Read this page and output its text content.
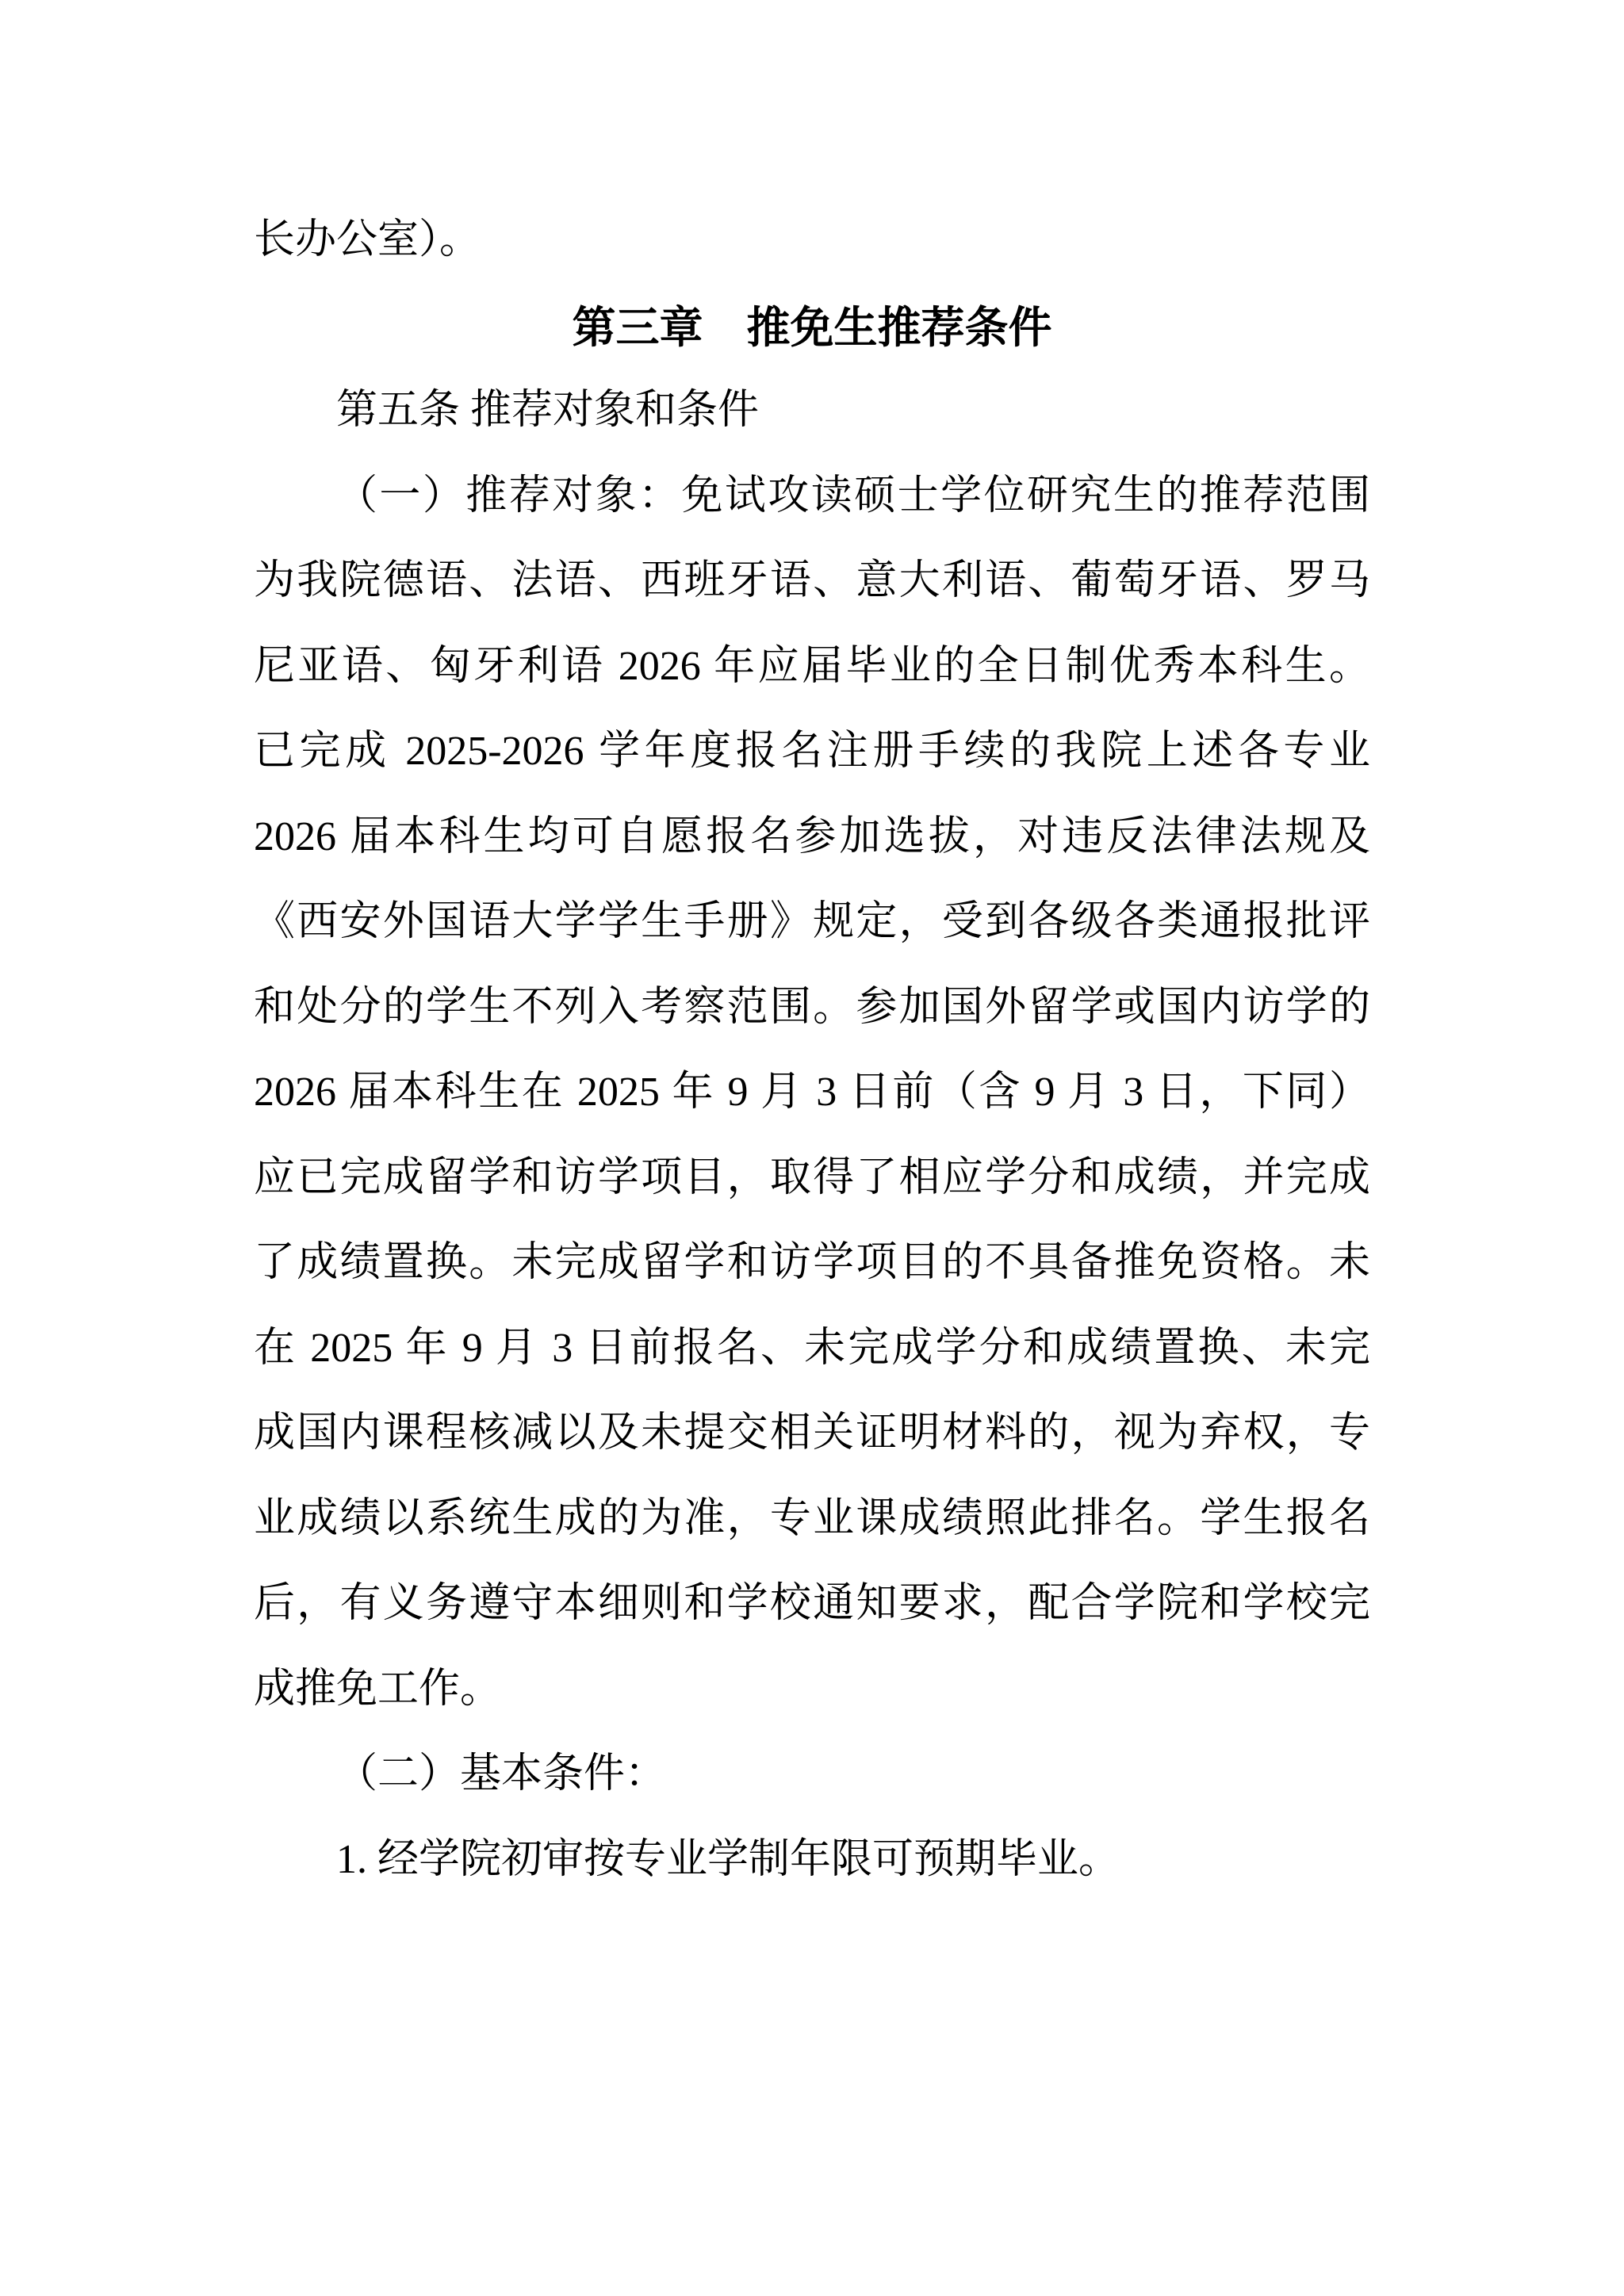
长办公室）。
第三章　推免生推荐条件
第五条 推荐对象和条件
（一）推荐对象：免试攻读硕士学位研究生的推荐范围
为我院德语、法语、西班牙语、意大利语、葡萄牙语、罗马
尼亚语、匈牙利语 2026 年应届毕业的全日制优秀本科生。
已完成 2025-2026 学年度报名注册手续的我院上述各专业
2026 届本科生均可自愿报名参加选拔，对违反法律法规及
《西安外国语大学学生手册》规定，受到各级各类通报批评
和处分的学生不列入考察范围。参加国外留学或国内访学的
2026 届本科生在 2025 年 9 月 3 日前（含 9 月 3 日，下同）
应已完成留学和访学项目，取得了相应学分和成绩，并完成
了成绩置换。未完成留学和访学项目的不具备推免资格。未
在 2025 年 9 月 3 日前报名、未完成学分和成绩置换、未完
成国内课程核减以及未提交相关证明材料的，视为弃权，专
业成绩以系统生成的为准，专业课成绩照此排名。学生报名
后，有义务遵守本细则和学校通知要求，配合学院和学校完
成推免工作。
（二）基本条件：
1. 经学院初审按专业学制年限可预期毕业。
